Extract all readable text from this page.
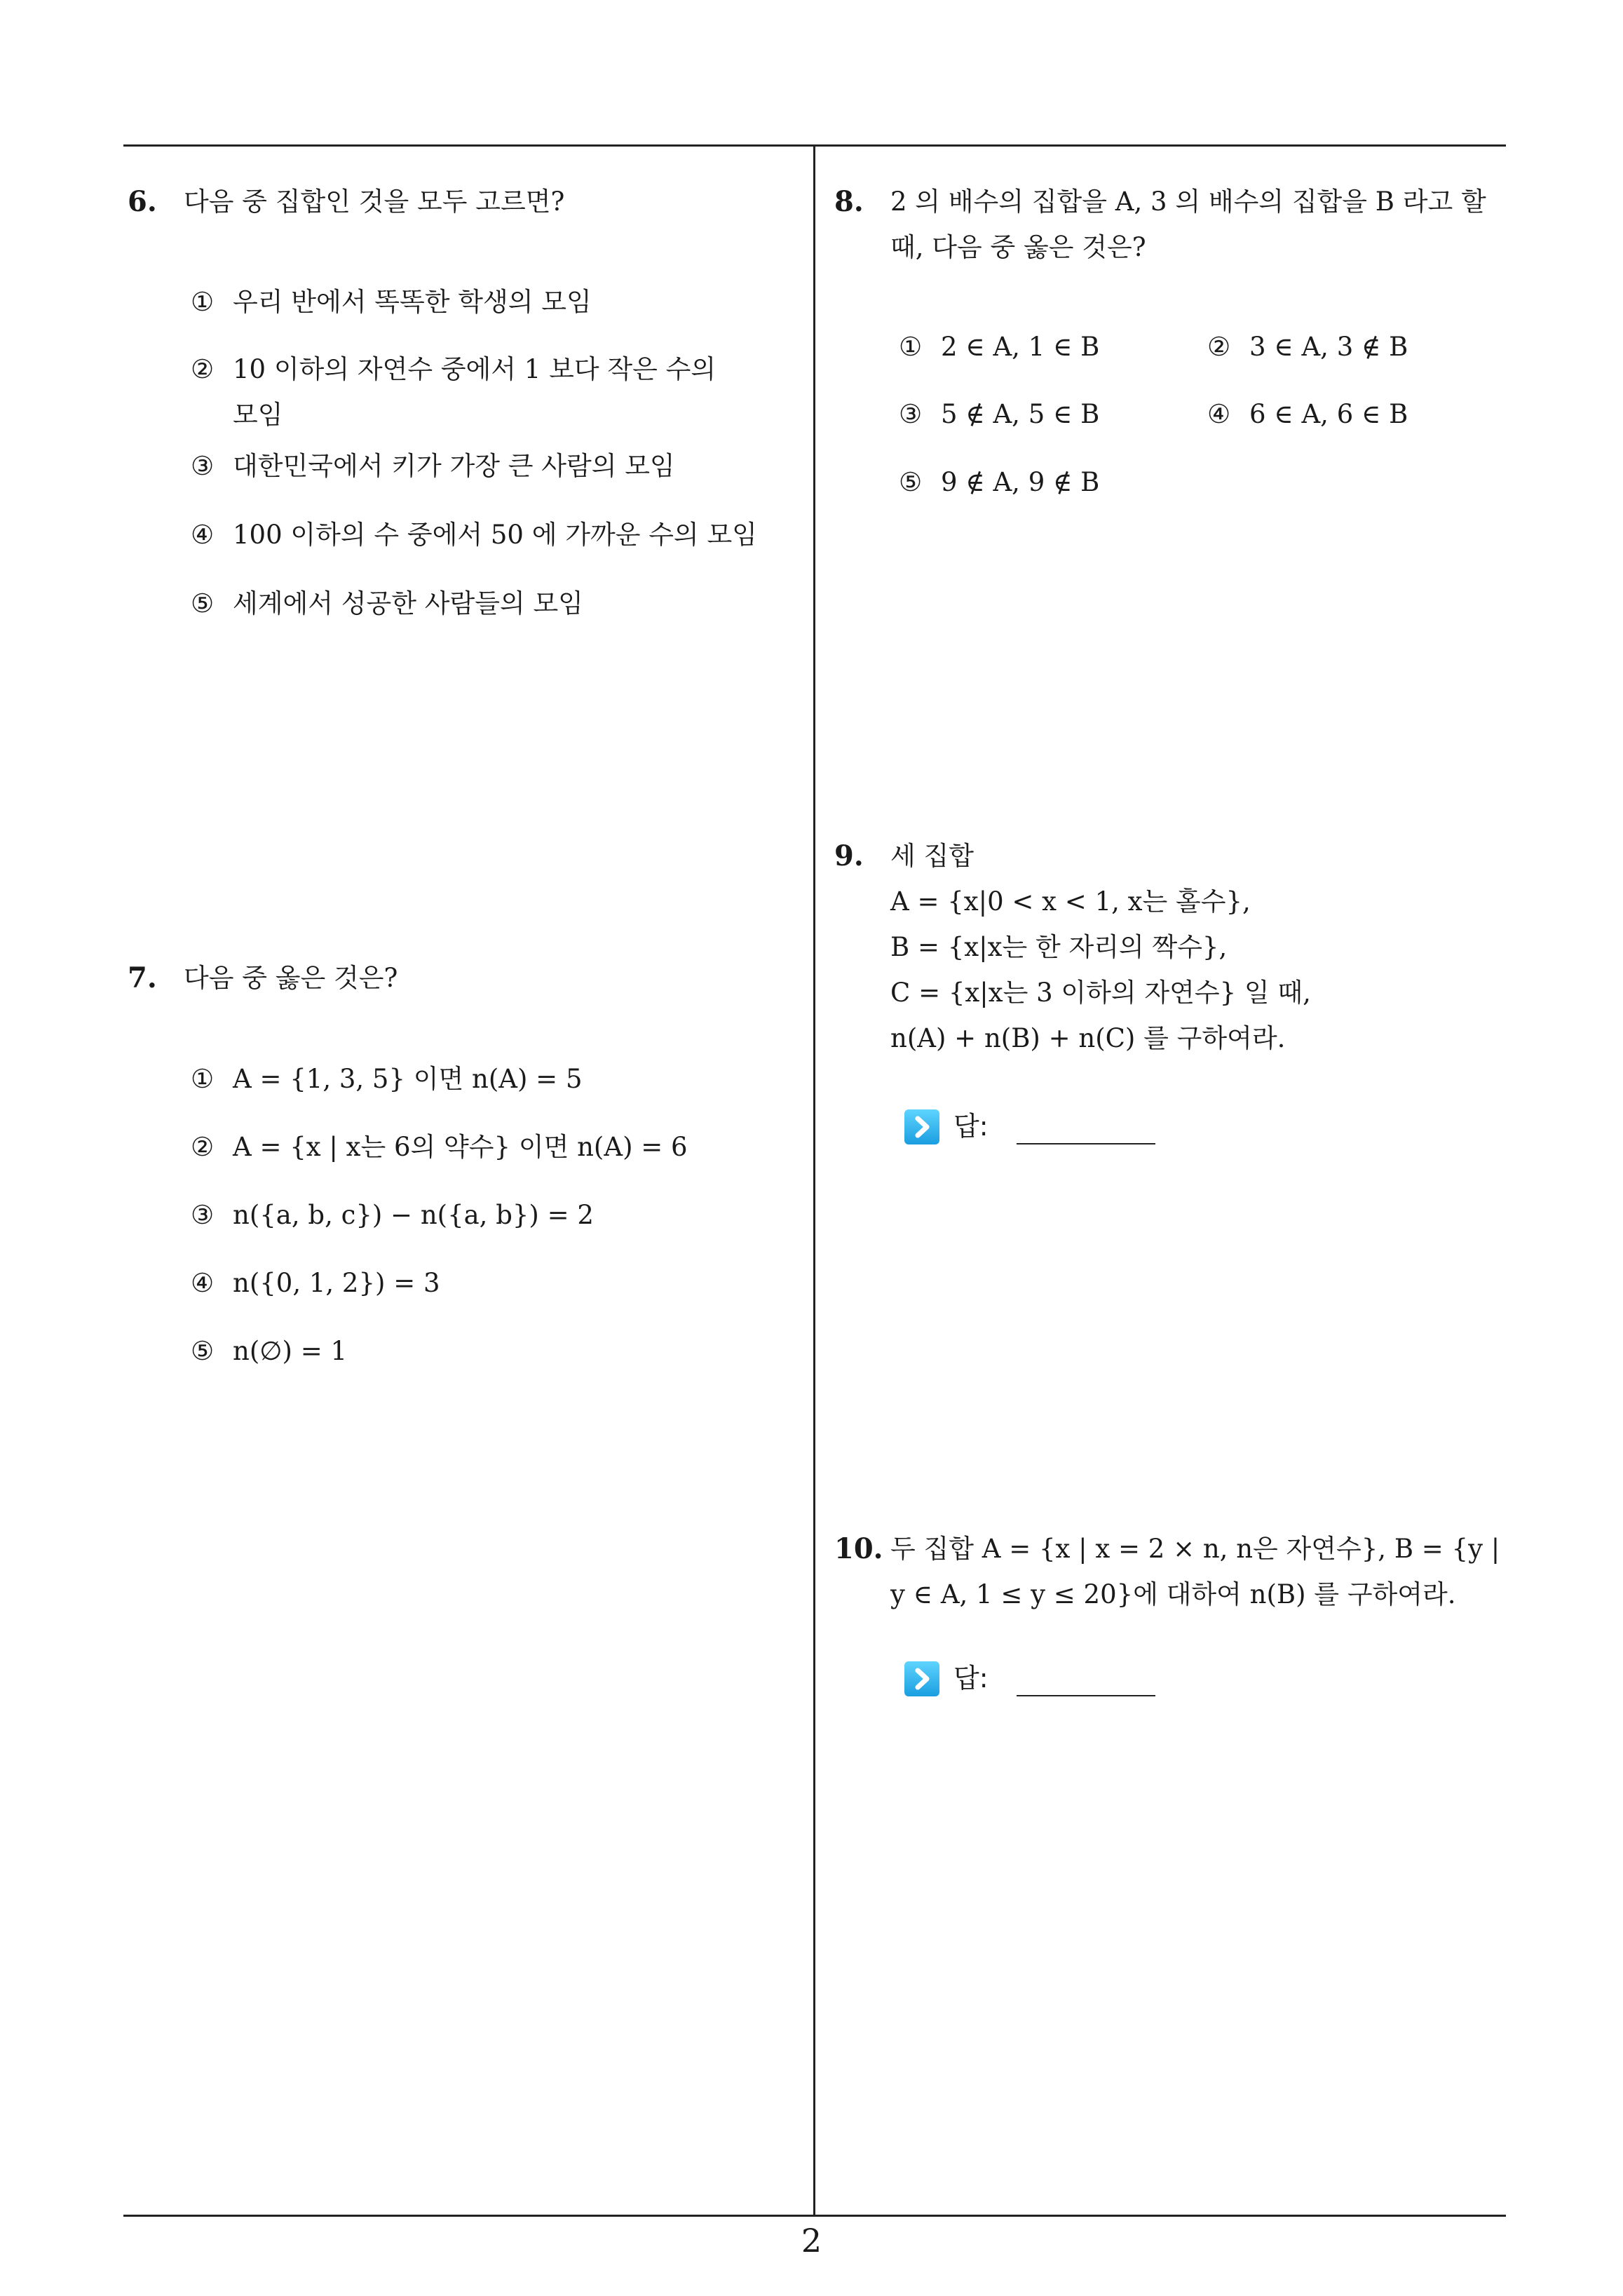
2
6. 다음 중 집합인 것을 모두 고르면?
① 우리 반에서 똑똑한 학생의 모임
② 10 이하의 자연수 중에서 1 보다 작은 수의
모임
③ 대한민국에서 키가 가장 큰 사람의 모임
④ 100 이하의 수 중에서 50 에 가까운 수의 모임
⑤ 세계에서 성공한 사람들의 모임
7. 다음 중 옳은 것은?
① A = {1, 3, 5} 이면 n(A) = 5
② A = {x | x는 6의 약수} 이면 n(A) = 6
③ n({a, b, c}) − n({a, b}) = 2
④ n({0, 1, 2}) = 3
⑤ n(∅) = 1
8. 2 의 배수의 집합을 A, 3 의 배수의 집합을 B 라고 할
때, 다음 중 옳은 것은?
① 2 ∈ A, 1 ∈ B	② 3 ∈ A, 3 ∉ B
③ 5 ∉ A, 5 ∈ B	④ 6 ∈ A, 6 ∈ B
⑤ 9 ∉ A, 9 ∉ B
9. 세 집합
A = {x|0 < x < 1, x는 홀수},
B = {x|x는 한 자리의 짝수},
C = {x|x는 3 이하의 자연수} 일 때,
n(A) + n(B) + n(C) 를 구하여라.
답:
10. 두 집합 A = {x | x = 2 × n, n은 자연수}, B = {y |
y ∈ A, 1 ≤ y ≤ 20}에 대하여 n(B) 를 구하여라.
답:
